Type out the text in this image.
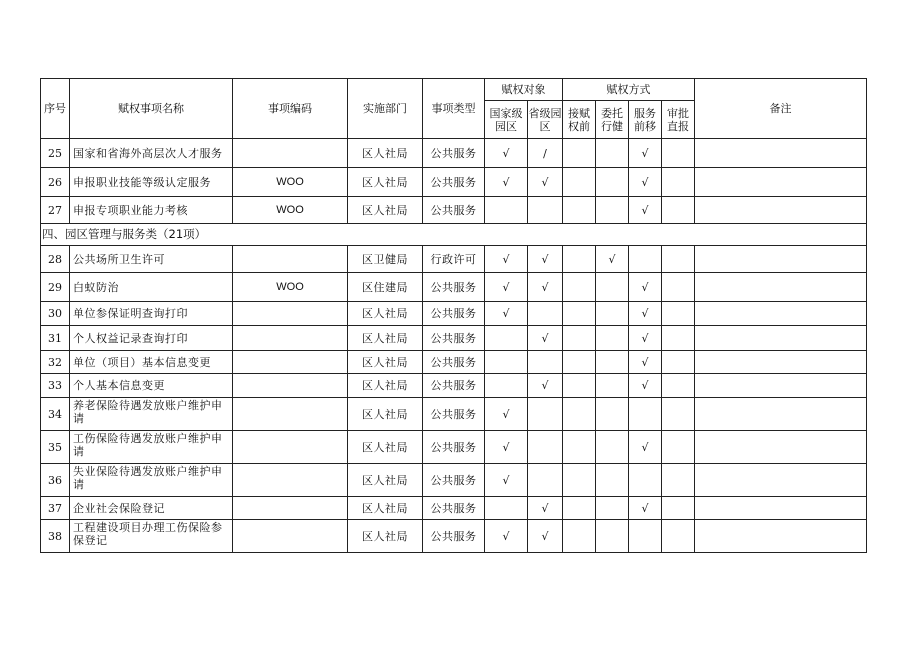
序号	赋权事项名称	事项编码	实施部门	事项类型	赋权对象		赋权方式				备注
					国家级园区	省级园区	接赋权前	委托行健	服务前移	审批直报	
25	国家和省海外高层次人才服务		区人社局	公共服务	√	/			√		
26	申报职业技能等级认定服务	WOO	区人社局	公共服务	√	√			√		
27	申报专项职业能力考核	WOO	区人社局	公共服务					√		
四、园区管理与服务类（21项）											
28	公共场所卫生许可		区卫健局	行政许可	√	√		√			
29	白蚁防治	WOO	区住建局	公共服务	√	√			√		
30	单位参保证明查询打印		区人社局	公共服务	√				√		
31	个人权益记录查询打印		区人社局	公共服务		√			√		
32	单位（项目）基本信息变更		区人社局	公共服务					√		
33	个人基本信息变更		区人社局	公共服务		√			√		
34	养老保险待遇发放账户维护申请		区人社局	公共服务	√						
35	工伤保险待遇发放账户维护申请		区人社局	公共服务	√				√		
36	失业保险待遇发放账户维护申请		区人社局	公共服务	√						
37	企业社会保险登记		区人社局	公共服务		√			√		
38	工程建设项目办理工伤保险参保登记		区人社局	公共服务	√	√					
